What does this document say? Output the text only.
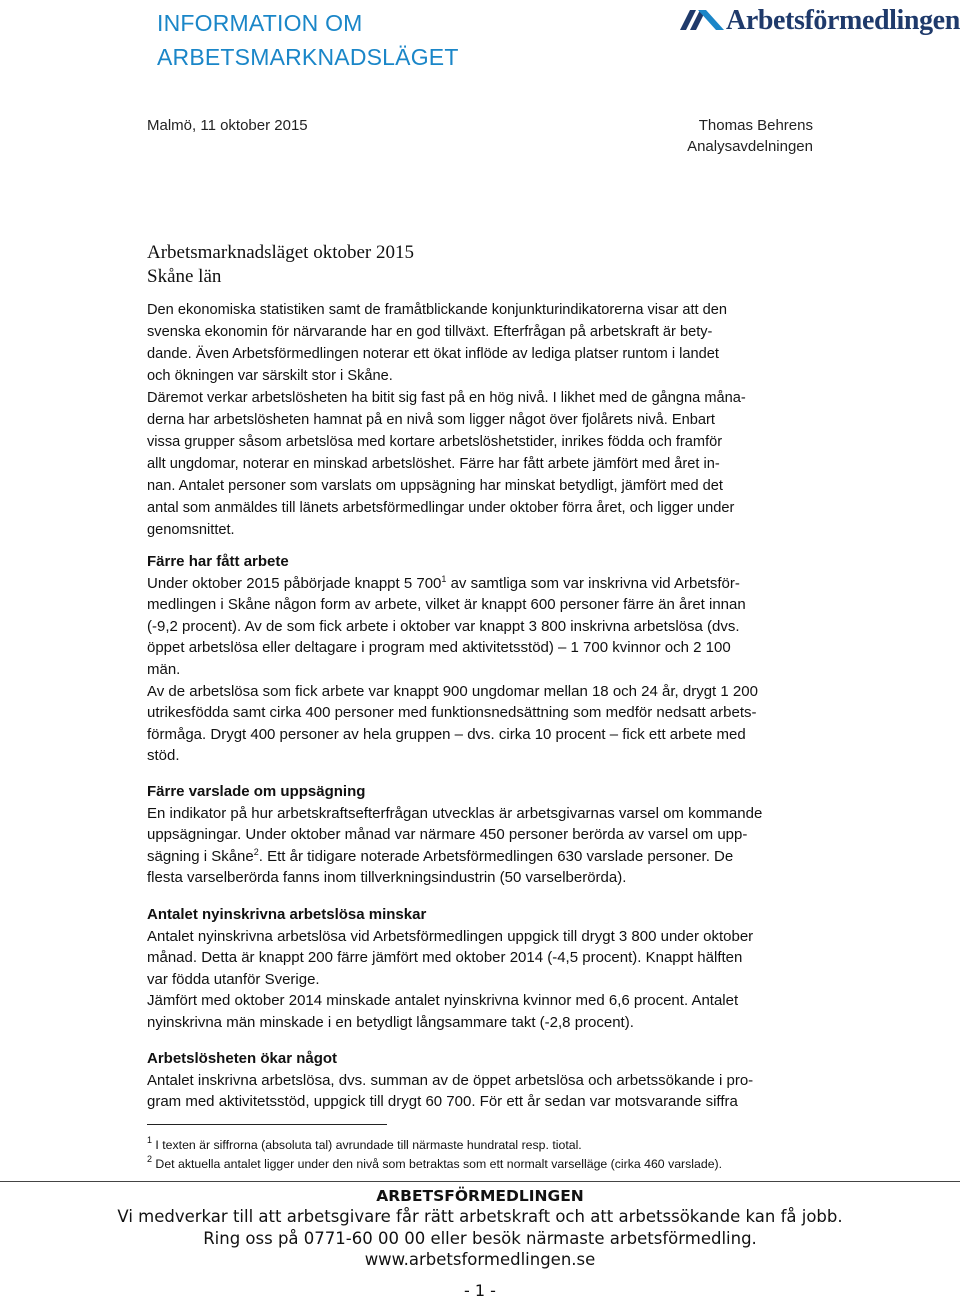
INFORMATION OM
ARBETSMARKNADSLÄGET
Arbetsförmedlingen
Malmö, 11 oktober 2015	Thomas Behrens
Analysavdelningen
Arbetsmarknadsläget oktober 2015
Skåne län
Den ekonomiska statistiken samt de framåtblickande konjunkturindikatorerna visar att den
svenska ekonomin för närvarande har en god tillväxt. Efterfrågan på arbetskraft är bety-
dande. Även Arbetsförmedlingen noterar ett ökat inflöde av lediga platser runtom i landet
och ökningen var särskilt stor i Skåne.
Däremot verkar arbetslösheten ha bitit sig fast på en hög nivå. I likhet med de gångna måna-
derna har arbetslösheten hamnat på en nivå som ligger något över fjolårets nivå. Enbart
vissa grupper såsom arbetslösa med kortare arbetslöshetstider, inrikes födda och framför
allt ungdomar, noterar en minskad arbetslöshet. Färre har fått arbete jämfört med året in-
nan. Antalet personer som varslats om uppsägning har minskat betydligt, jämfört med det
antal som anmäldes till länets arbetsförmedlingar under oktober förra året, och ligger under
genomsnittet.
Färre har fått arbete
Under oktober 2015 påbörjade knappt 5 $700^1$ av samtliga som var inskrivna vid Arbetsför-
medlingen i Skåne någon form av arbete, vilket är knappt 600 personer färre än året innan
(-9,2 procent). Av de som fick arbete i oktober var knappt 3 800 inskrivna arbetslösa (dvs.
öppet arbetslösa eller deltagare i program med aktivitetsstöd) – 1 700 kvinnor och 2 100
män.
Av de arbetslösa som fick arbete var knappt 900 ungdomar mellan 18 och 24 år, drygt 1 200
utrikesfödda samt cirka 400 personer med funktionsnedsättning som medför nedsatt arbets-
förmåga. Drygt 400 personer av hela gruppen – dvs. cirka 10 procent – fick ett arbete med
stöd.
Färre varslade om uppsägning
En indikator på hur arbetskraftsefterfrågan utvecklas är arbetsgivarnas varsel om kommande
uppsägningar. Under oktober månad var närmare 450 personer berörda av varsel om upp-
sägning i Skåne$^2$. Ett år tidigare noterade Arbetsförmedlingen 630 varslade personer. De
flesta varselberörda fanns inom tillverkningsindustrin (50 varselberörda).
Antalet nyinskrivna arbetslösa minskar
Antalet nyinskrivna arbetslösa vid Arbetsförmedlingen uppgick till drygt 3 800 under oktober
månad. Detta är knappt 200 färre jämfört med oktober 2014 (-4,5 procent). Knappt hälften
var födda utanför Sverige.
Jämfört med oktober 2014 minskade antalet nyinskrivna kvinnor med 6,6 procent. Antalet
nyinskrivna män minskade i en betydligt långsammare takt (-2,8 procent).
Arbetslösheten ökar något
Antalet inskrivna arbetslösa, dvs. summan av de öppet arbetslösa och arbetssökande i pro-
gram med aktivitetsstöd, uppgick till drygt 60 700. För ett år sedan var motsvarande siffra
$^1$ I texten är siffrorna (absoluta tal) avrundade till närmaste hundratal resp. tiotal.
$^2$ Det aktuella antalet ligger under den nivå som betraktas som ett normalt varselläge (cirka 460 varslade).
ARBETSFÖRMEDLINGEN
Vi medverkar till att arbetsgivare får rätt arbetskraft och att arbetssökande kan få jobb.
Ring oss på 0771-60 00 00 eller besök närmaste arbetsförmedling.
www.arbetsformedlingen.se
- 1 -
